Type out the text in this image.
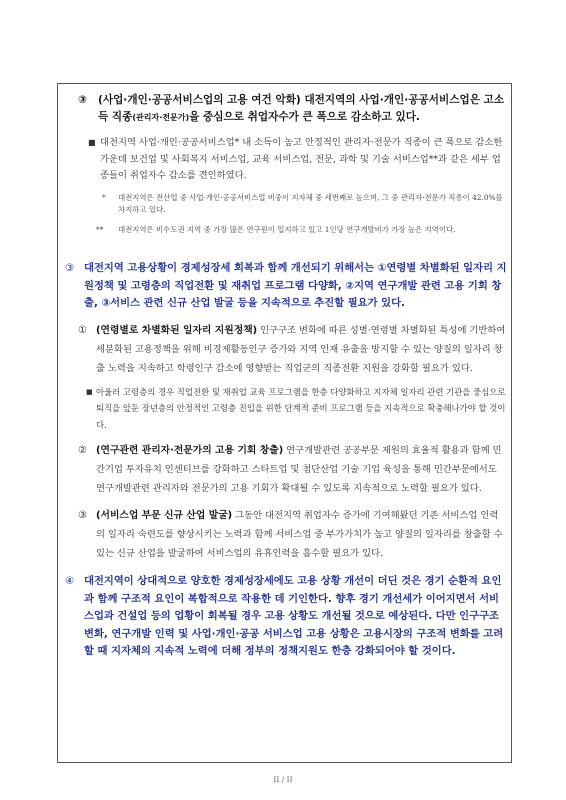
③ (사업·개인·공공서비스업의 고용 여건 악화) 대전지역의 사업·개인·공공서비스업은 고소득 직종(관리자·전문가)을 중심으로 취업자수가 큰 폭으로 감소하고 있다.
■ 대전지역 사업·개인·공공서비스업* 내 소득이 높고 안정적인 관리자·전문가 직종이 큰 폭으로 감소한 가운데 보건업 및 사회복지 서비스업, 교육 서비스업, 전문, 과학 및 기술 서비스업**과 같은 세부 업종들이 취업자수 감소를 견인하였다.
* 대전지역은 전산업 중 사업·개인·공공서비스업 비중이 지자체 중 세번째로 높으며, 그 중 관리자·전문가 직종이 42.0%를 차지하고 있다.
** 대전지역은 비수도권 지역 중 가장 많은 연구원이 입지하고 있고 1인당 연구개발비가 가장 높은 지역이다.
③ 대전지역 고용상황이 경제성장세 회복과 함께 개선되기 위해서는 ①연령별 차별화된 일자리 지원정책 및 고령층의 직업전환 및 재취업 프로그램 다양화, ②지역 연구개발 관련 고용 기회 창출, ③서비스 관련 신규 산업 발굴 등을 지속적으로 추진할 필요가 있다.
① (연령별로 차별화된 일자리 지원정책) 인구구조 변화에 따른 성별·연령별 차별화된 특성에 기반하여 세분화된 고용정책을 위해 비경제활동인구 증가와 지역 인재 유출을 방지할 수 있는 양질의 일자리 창출 노력을 지속하고 학령인구 감소에 영향받는 직업군의 직종전환 지원을 강화할 필요가 있다.
■ 아울러 고령층의 경우 직업전환 및 재취업 교육 프로그램을 한층 다양화하고 지자체 일자리 관련 기관을 중심으로 퇴직을 앞둔 장년층의 안정적인 고령층 진입을 위한 단계적 준비 프로그램 등을 지속적으로 확충해나가야 할 것이다.
② (연구관련 관리자·전문가의 고용 기회 창출) 연구개발관련 공공부문 재원의 효율적 활용과 함께 민간기업 투자유치 인센티브를 강화하고 스타트업 및 첨단산업 기술 기업 육성을 통해 민간부문에서도 연구개발관련 관리자와 전문가의 고용 기회가 확대될 수 있도록 지속적으로 노력할 필요가 있다.
③ (서비스업 부문 신규 산업 발굴) 그동안 대전지역 취업자수 증가에 기여해왔던 기존 서비스업 인력의 일자리 숙련도를 향상시키는 노력과 함께 서비스업 중 부가가치가 높고 양질의 일자리를 창출할 수 있는 신규 산업을 발굴하여 서비스업의 유휴인력을 흡수할 필요가 있다.
④ 대전지역이 상대적으로 양호한 경제성장세에도 고용 상황 개선이 더딘 것은 경기 순환적 요인과 함께 구조적 요인이 복합적으로 작용한 데 기인한다. 향후 경기 개선세가 이어지면서 서비스업과 건설업 등의 업황이 회복될 경우 고용 상황도 개선될 것으로 예상된다. 다만 인구구조 변화, 연구개발 인력 및 사업·개인·공공 서비스업 고용 상황은 고용시장의 구조적 변화를 고려할 때 지자체의 지속적 노력에 더해 정부의 정책지원도 한층 강화되어야 할 것이다.
II / II
